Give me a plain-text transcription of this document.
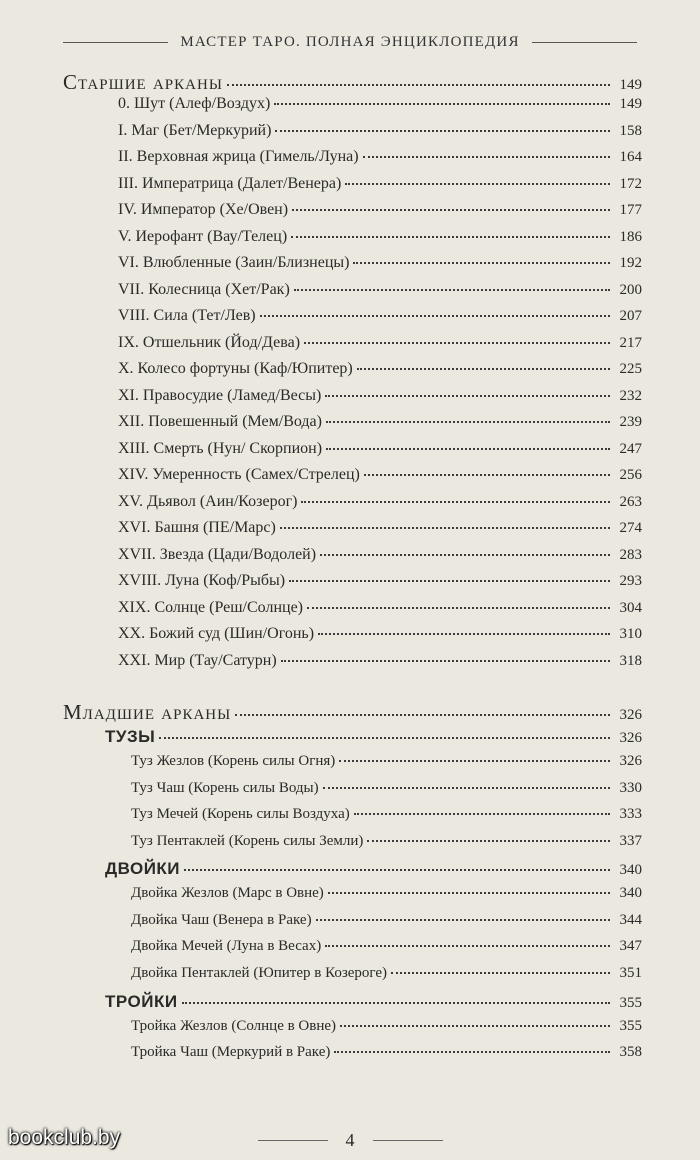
МАСТЕР ТАРО. ПОЛНАЯ ЭНЦИКЛОПЕДИЯ
Старшие арканы	149
0. Шут (Алеф/Воздух)	149
I. Маг (Бет/Меркурий)	158
II. Верховная жрица (Гимель/Луна)	164
III. Императрица (Далет/Венера)	172
IV. Император (Хе/Овен)	177
V. Иерофант (Вау/Телец)	186
VI. Влюбленные (Заин/Близнецы)	192
VII. Колесница (Хет/Рак)	200
VIII. Сила (Тет/Лев)	207
IX. Отшельник (Йод/Дева)	217
X. Колесо фортуны (Каф/Юпитер)	225
XI. Правосудие (Ламед/Весы)	232
XII. Повешенный (Мем/Вода)	239
XIII. Смерть (Нун/ Скорпион)	247
XIV. Умеренность (Самех/Стрелец)	256
XV. Дьявол (Аин/Козерог)	263
XVI. Башня (ПЕ/Марс)	274
XVII. Звезда (Цади/Водолей)	283
XVIII. Луна (Коф/Рыбы)	293
XIX. Солнце (Реш/Солнце)	304
XX. Божий суд (Шин/Огонь)	310
XXI. Мир (Тау/Сатурн)	318
Младшие арканы	326
ТУЗЫ	326
Туз Жезлов (Корень силы Огня)	326
Туз Чаш (Корень силы Воды)	330
Туз Мечей (Корень силы Воздуха)	333
Туз Пентаклей (Корень силы Земли)	337
ДВОЙКИ	340
Двойка Жезлов (Марс в Овне)	340
Двойка Чаш (Венера в Раке)	344
Двойка Мечей (Луна в Весах)	347
Двойка Пентаклей (Юпитер в Козероге)	351
ТРОЙКИ	355
Тройка Жезлов (Солнце в Овне)	355
Тройка Чаш (Меркурий в Раке)	358
4
bookclub.by
